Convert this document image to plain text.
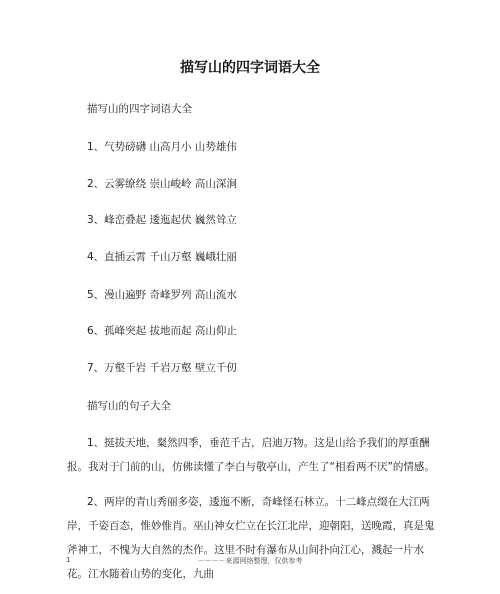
描写山的四字词语大全
描写山的四字词语大全
1、气势磅礴 山高月小 山势雄伟
2、云雾缭绕 崇山峻岭 高山深涧
3、峰峦叠起 逶迤起伏 巍然耸立
4、直插云霄 千山万壑 巍峨壮丽
5、漫山遍野 奇峰罗列 高山流水
6、孤峰突起 拔地而起 高山仰止
7、万壑千岩 千岩万壑 壁立千仞
描写山的句子大全
1、挺拔天地，粲然四季，垂范千古，启迪万物。这是山给予我们的厚重酬报。我对于门前的山，仿佛读懂了李白与敬亭山，产生了“相看两不厌”的情感。
2、两岸的青山秀丽多姿，逶迤不断，奇峰怪石林立。十二峰点缀在大江两岸，千姿百态，惟妙惟肖。巫山神女伫立在长江北岸，迎朝阳，送晚霞，真是鬼斧神工，不愧为大自然的杰作。这里不时有瀑布从山间扑向江心，溅起一片水花。江水随着山势的变化，九曲
1	－－－－来源网络整理，仅供参考
